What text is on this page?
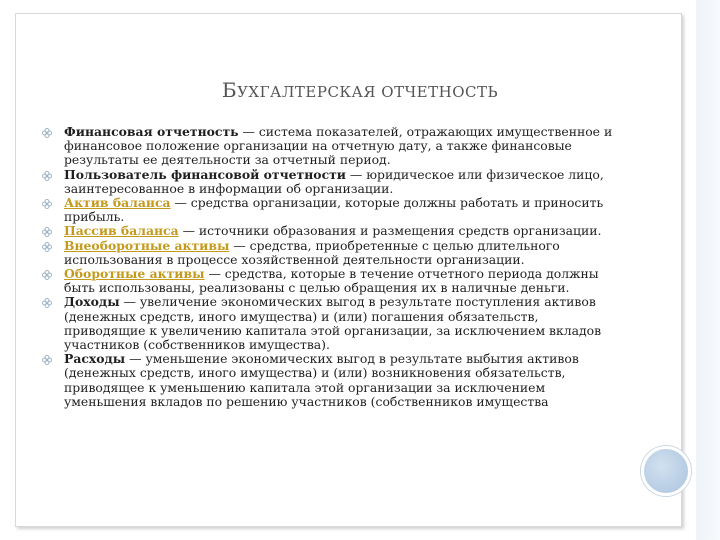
БУХГАЛТЕРСКАЯ ОТЧЕТНОСТЬ
Финансовая отчетность — система показателей, отражающих имущественное и финансовое положение организации на отчетную дату, а также финансовые результаты ее деятельности за отчетный период.
Пользователь финансовой отчетности — юридическое или физическое лицо, заинтересованное в информации об организации.
Актив баланса — средства организации, которые должны работать и приносить прибыль.
Пассив баланса — источники образования и размещения средств организации.
Внеоборотные активы — средства, приобретенные с целью длительного использования в процессе хозяйственной деятельности организации.
Оборотные активы — средства, которые в течение отчетного периода должны быть использованы, реализованы с целью обращения их в наличные деньги.
Доходы — увеличение экономических выгод в результате поступления активов (денежных средств, иного имущества) и (или) погашения обязательств, приводящие к увеличению капитала этой организации, за исключением вкладов участников (собственников имущества).
Расходы — уменьшение экономических выгод в результате выбытия активов (денежных средств, иного имущества) и (или) возникновения обязательств, приводящее к уменьшению капитала этой организации за исключением уменьшения вкладов по решению участников (собственников имущества
